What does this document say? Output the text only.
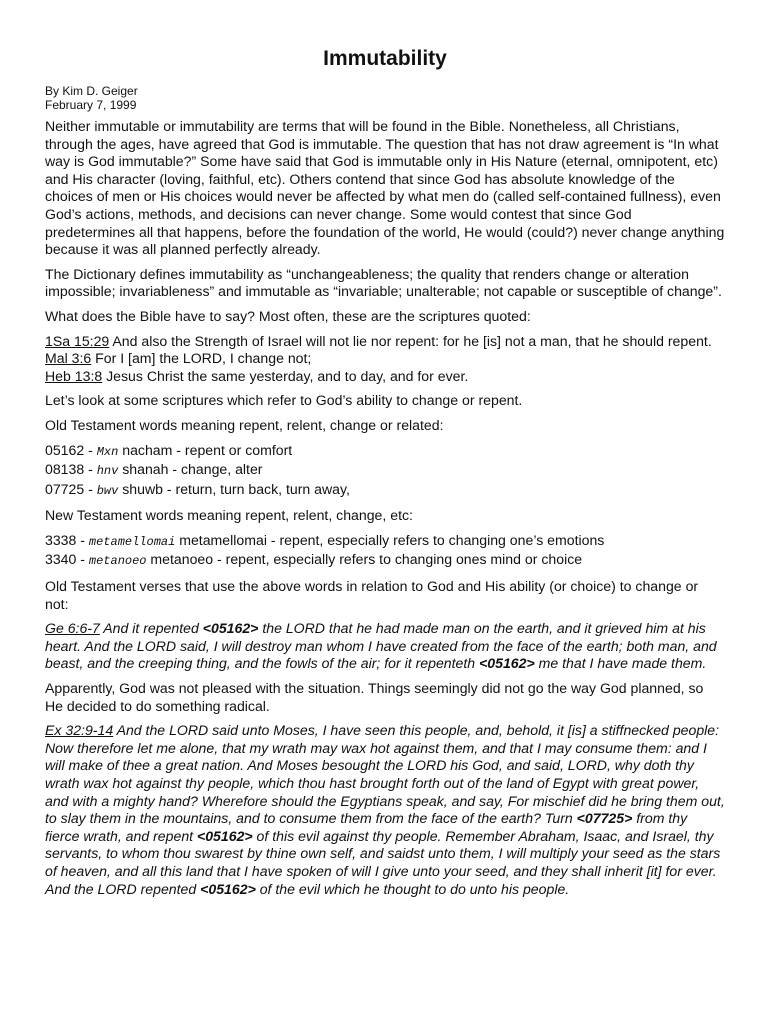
Immutability
By Kim D. Geiger
February 7, 1999

Neither immutable or immutability are terms that will be found in the Bible. Nonetheless, all Christians, through the ages, have agreed that God is immutable. The question that has not draw agreement is “In what way is God immutable?” Some have said that God is immutable only in His Nature (eternal, omnipotent, etc) and His character (loving, faithful, etc). Others contend that since God has absolute knowledge of the choices of men or His choices would never be affected by what men do (called self-contained fullness), even God’s actions, methods, and decisions can never change. Some would contest that since God predetermines all that happens, before the foundation of the world, He would (could?) never change anything because it was all planned perfectly already.

The Dictionary defines immutability as “unchangeableness; the quality that renders change or alteration impossible; invariableness” and immutable as “invariable; unalterable; not capable or susceptible of change”.

What does the Bible have to say? Most often, these are the scriptures quoted:

1Sa 15:29 And also the Strength of Israel will not lie nor repent: for he [is] not a man, that he should repent.
Mal 3:6 For I [am] the LORD, I change not;
Heb 13:8 Jesus Christ the same yesterday, and to day, and for ever.

Let’s look at some scriptures which refer to God’s ability to change or repent.

Old Testament words meaning repent, relent, change or related:

05162 - Mxn nacham - repent or comfort
08138 - hnv shanah - change, alter
07725 - bwv shuwb - return, turn back, turn away,

New Testament words meaning repent, relent, change, etc:

3338 - metamellomai metamellomai - repent, especially refers to changing one’s emotions
3340 - metanoeo metanoeo - repent, especially refers to changing ones mind or choice

Old Testament verses that use the above words in relation to God and His ability (or choice) to change or not:

Ge 6:6-7 And it repented <05162> the LORD that he had made man on the earth, and it grieved him at his heart. And the LORD said, I will destroy man whom I have created from the face of the earth; both man, and beast, and the creeping thing, and the fowls of the air; for it repenteth <05162> me that I have made them.

Apparently, God was not pleased with the situation. Things seemingly did not go the way God planned, so He decided to do something radical.

Ex 32:9-14 And the LORD said unto Moses, I have seen this people, and, behold, it [is] a stiffnecked people: Now therefore let me alone, that my wrath may wax hot against them, and that I may consume them: and I will make of thee a great nation. And Moses besought the LORD his God, and said, LORD, why doth thy wrath wax hot against thy people, which thou hast brought forth out of the land of Egypt with great power, and with a mighty hand? Wherefore should the Egyptians speak, and say, For mischief did he bring them out, to slay them in the mountains, and to consume them from the face of the earth? Turn <07725> from thy fierce wrath, and repent <05162> of this evil against thy people. Remember Abraham, Isaac, and Israel, thy servants, to whom thou swarest by thine own self, and saidst unto them, I will multiply your seed as the stars of heaven, and all this land that I have spoken of will I give unto your seed, and they shall inherit [it] for ever. And the LORD repented <05162> of the evil which he thought to do unto his people.
